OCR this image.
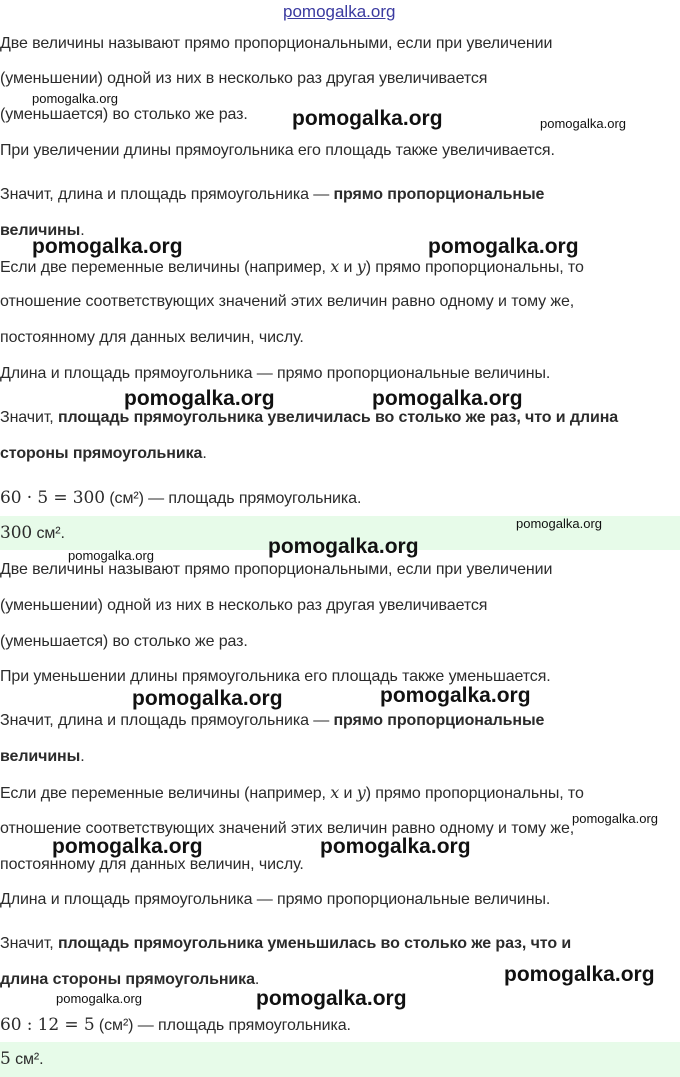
Две величины называют прямо пропорциональными, если при увеличении
(уменьшении) одной из них в несколько раз другая увеличивается
(уменьшается) во столько же раз.
При увеличении длины прямоугольника его площадь также увеличивается.
Значит, длина и площадь прямоугольника — прямо пропорциональные
величины.
Если две переменные величины (например, x и y) прямо пропорциональны, то
отношение соответствующих значений этих величин равно одному и тому же,
постоянному для данных величин, числу.
Длина и площадь прямоугольника — прямо пропорциональные величины.
Значит, площадь прямоугольника увеличилась во столько же раз, что и длина
стороны прямоугольника.
60 · 5 = 300 (см²) — площадь прямоугольника.
300 см².
Две величины называют прямо пропорциональными, если при увеличении
(уменьшении) одной из них в несколько раз другая увеличивается
(уменьшается) во столько же раз.
При уменьшении длины прямоугольника его площадь также уменьшается.
Значит, длина и площадь прямоугольника — прямо пропорциональные
величины.
Если две переменные величины (например, x и y) прямо пропорциональны, то
отношение соответствующих значений этих величин равно одному и тому же,
постоянному для данных величин, числу.
Длина и площадь прямоугольника — прямо пропорциональные величины.
Значит, площадь прямоугольника уменьшилась во столько же раз, что и
длина стороны прямоугольника.
60 : 12 = 5 (см²) — площадь прямоугольника.
5 см².
pomogalka.org
pomogalka.org
pomogalka.org	pomogalka.org
pomogalka.org	pomogalka.org
pomogalka.org	pomogalka.org
pomogalka.org
pomogalka.org
pomogalka.org
pomogalka.org	pomogalka.org
pomogalka.org
pomogalka.org	pomogalka.org
pomogalka.org
pomogalka.org	pomogalka.org
